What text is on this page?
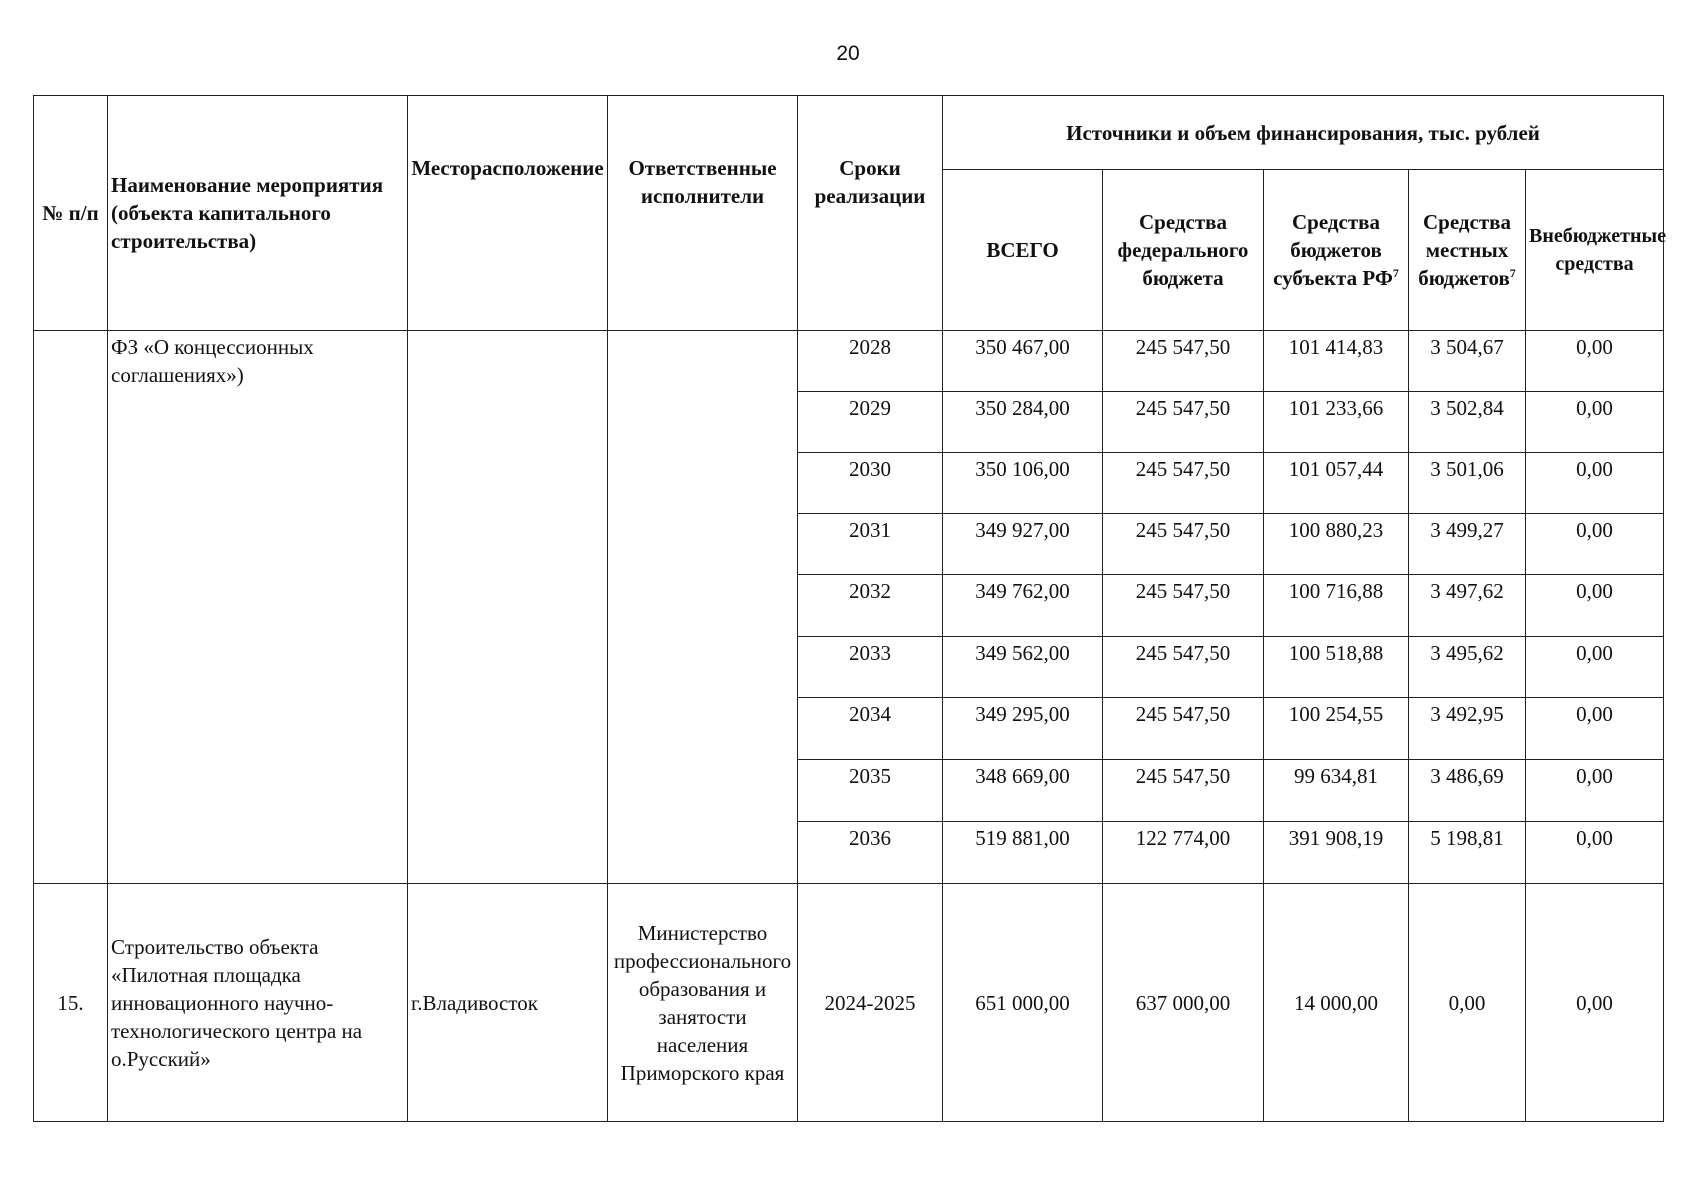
20
№ п/п	Наименование мероприятия (объекта капитального строительства)	Месторасположение	Ответственные исполнители	Сроки реализации	Источники и объем финансирования, тыс. рублей				
					ВСЕГО	Средства федерального бюджета	Средства бюджетов субъекта $РФ^7$	Средства местных бюджетов$^7$	Внебюджетные средства
	ФЗ «О концессионных соглашениях»)			2028	350 467,00	245 547,50	101 414,83	3 504,67	0,00
				2029	350 284,00	245 547,50	101 233,66	3 502,84	0,00
				2030	350 106,00	245 547,50	101 057,44	3 501,06	0,00
				2031	349 927,00	245 547,50	100 880,23	3 499,27	0,00
				2032	349 762,00	245 547,50	100 716,88	3 497,62	0,00
				2033	349 562,00	245 547,50	100 518,88	3 495,62	0,00
				2034	349 295,00	245 547,50	100 254,55	3 492,95	0,00
				2035	348 669,00	245 547,50	99 634,81	3 486,69	0,00
				2036	519 881,00	122 774,00	391 908,19	5 198,81	0,00
15.	Строительство объекта «Пилотная площадка инновационного научно-технологического центра на о.Русский»	г.Владивосток	Министерство профессионального образования и занятости населения Приморского края	2024-2025	651 000,00	637 000,00	14 000,00	0,00	0,00
